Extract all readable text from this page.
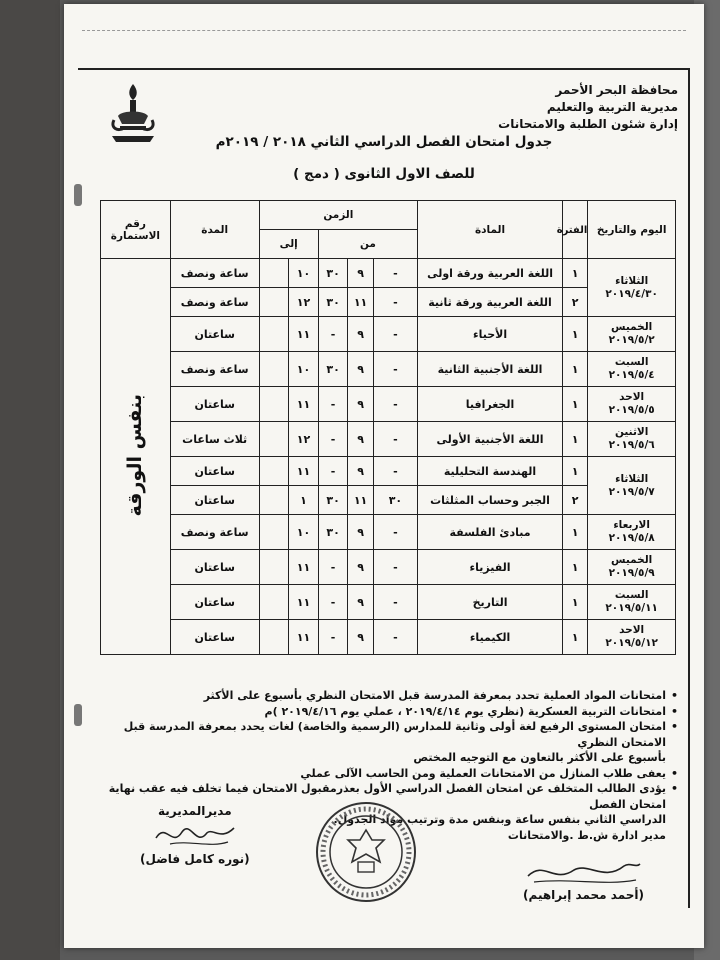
محافظة البحر الأحمر
مديرية التربية والتعليم
إدارة شئون الطلبة والامتحانات
جدول امتحان الفصل الدراسي الثاني ٢٠١٨ / ٢٠١٩م
للصف الاول الثانوى ( دمج )
اليوم والتاريخ	الفترة	المادة	الزمن					المدة	رقم الاستمارة
			من			إلى			
الثلاثاء
٢٠١٩/٤/٣٠	١	اللغة العربية ورقة اولى	-	٩	٣٠	١٠		ساعة ونصف	بنفس الورقة
	٢	اللغة العربية ورقة ثانية	-	١١	٣٠	١٢		ساعة ونصف	
الخميس
٢٠١٩/٥/٢	١	الأحياء	-	٩	-	١١		ساعتان	
السبت
٢٠١٩/٥/٤	١	اللغة الأجنبية الثانية	-	٩	٣٠	١٠		ساعة ونصف	
الاحد
٢٠١٩/٥/٥	١	الجغرافيا	-	٩	-	١١		ساعتان	
الاثنين
٢٠١٩/٥/٦	١	اللغة الأجنبية الأولى	-	٩	-	١٢		ثلاث ساعات	
الثلاثاء
٢٠١٩/٥/٧	١	الهندسة التحليلية	-	٩	-	١١		ساعتان	
	٢	الجبر وحساب المثلثات	٣٠	١١	٣٠	١		ساعتان	
الاربعاء
٢٠١٩/٥/٨	١	مبادئ الفلسفة	-	٩	٣٠	١٠		ساعة ونصف	
الخميس
٢٠١٩/٥/٩	١	الفيزياء	-	٩	-	١١		ساعتان	
السبت
٢٠١٩/٥/١١	١	التاريخ	-	٩	-	١١		ساعتان	
الاحد
٢٠١٩/٥/١٢	١	الكيمياء	-	٩	-	١١		ساعتان	
• امتحانات المواد العملية تحدد بمعرفة المدرسة قبل الامتحان النظري بأسبوع على الأكثر
• امتحانات التربية العسكرية (نظري يوم ٢٠١٩/٤/١٤ ، عملي يوم ٢٠١٩/٤/١٦ )م
• امتحان المستوى الرفيع لغة أولى وثانية للمدارس (الرسمية والخاصة) لغات يحدد بمعرفة المدرسة قبل الامتحان النظري
بأسبوع على الأكثر بالتعاون مع التوجيه المختص
• يعفى طلاب المنازل من الامتحانات العملية ومن الحاسب الآلى عملي
• يؤدى الطالب المتخلف عن امتحان الفصل الدراسي الأول بعذرمقبول الامتحان فيما تخلف فيه عقب نهاية امتحان الفصل
الدراسي الثاني بنفس ساعة وبنفس مدة وترتيب مواد الجدول.
مدير ادارة ش.ط .والامتحانات
مديرالمديرية
(نوره كامل فاضل)
(أحمد محمد إبراهيم)
